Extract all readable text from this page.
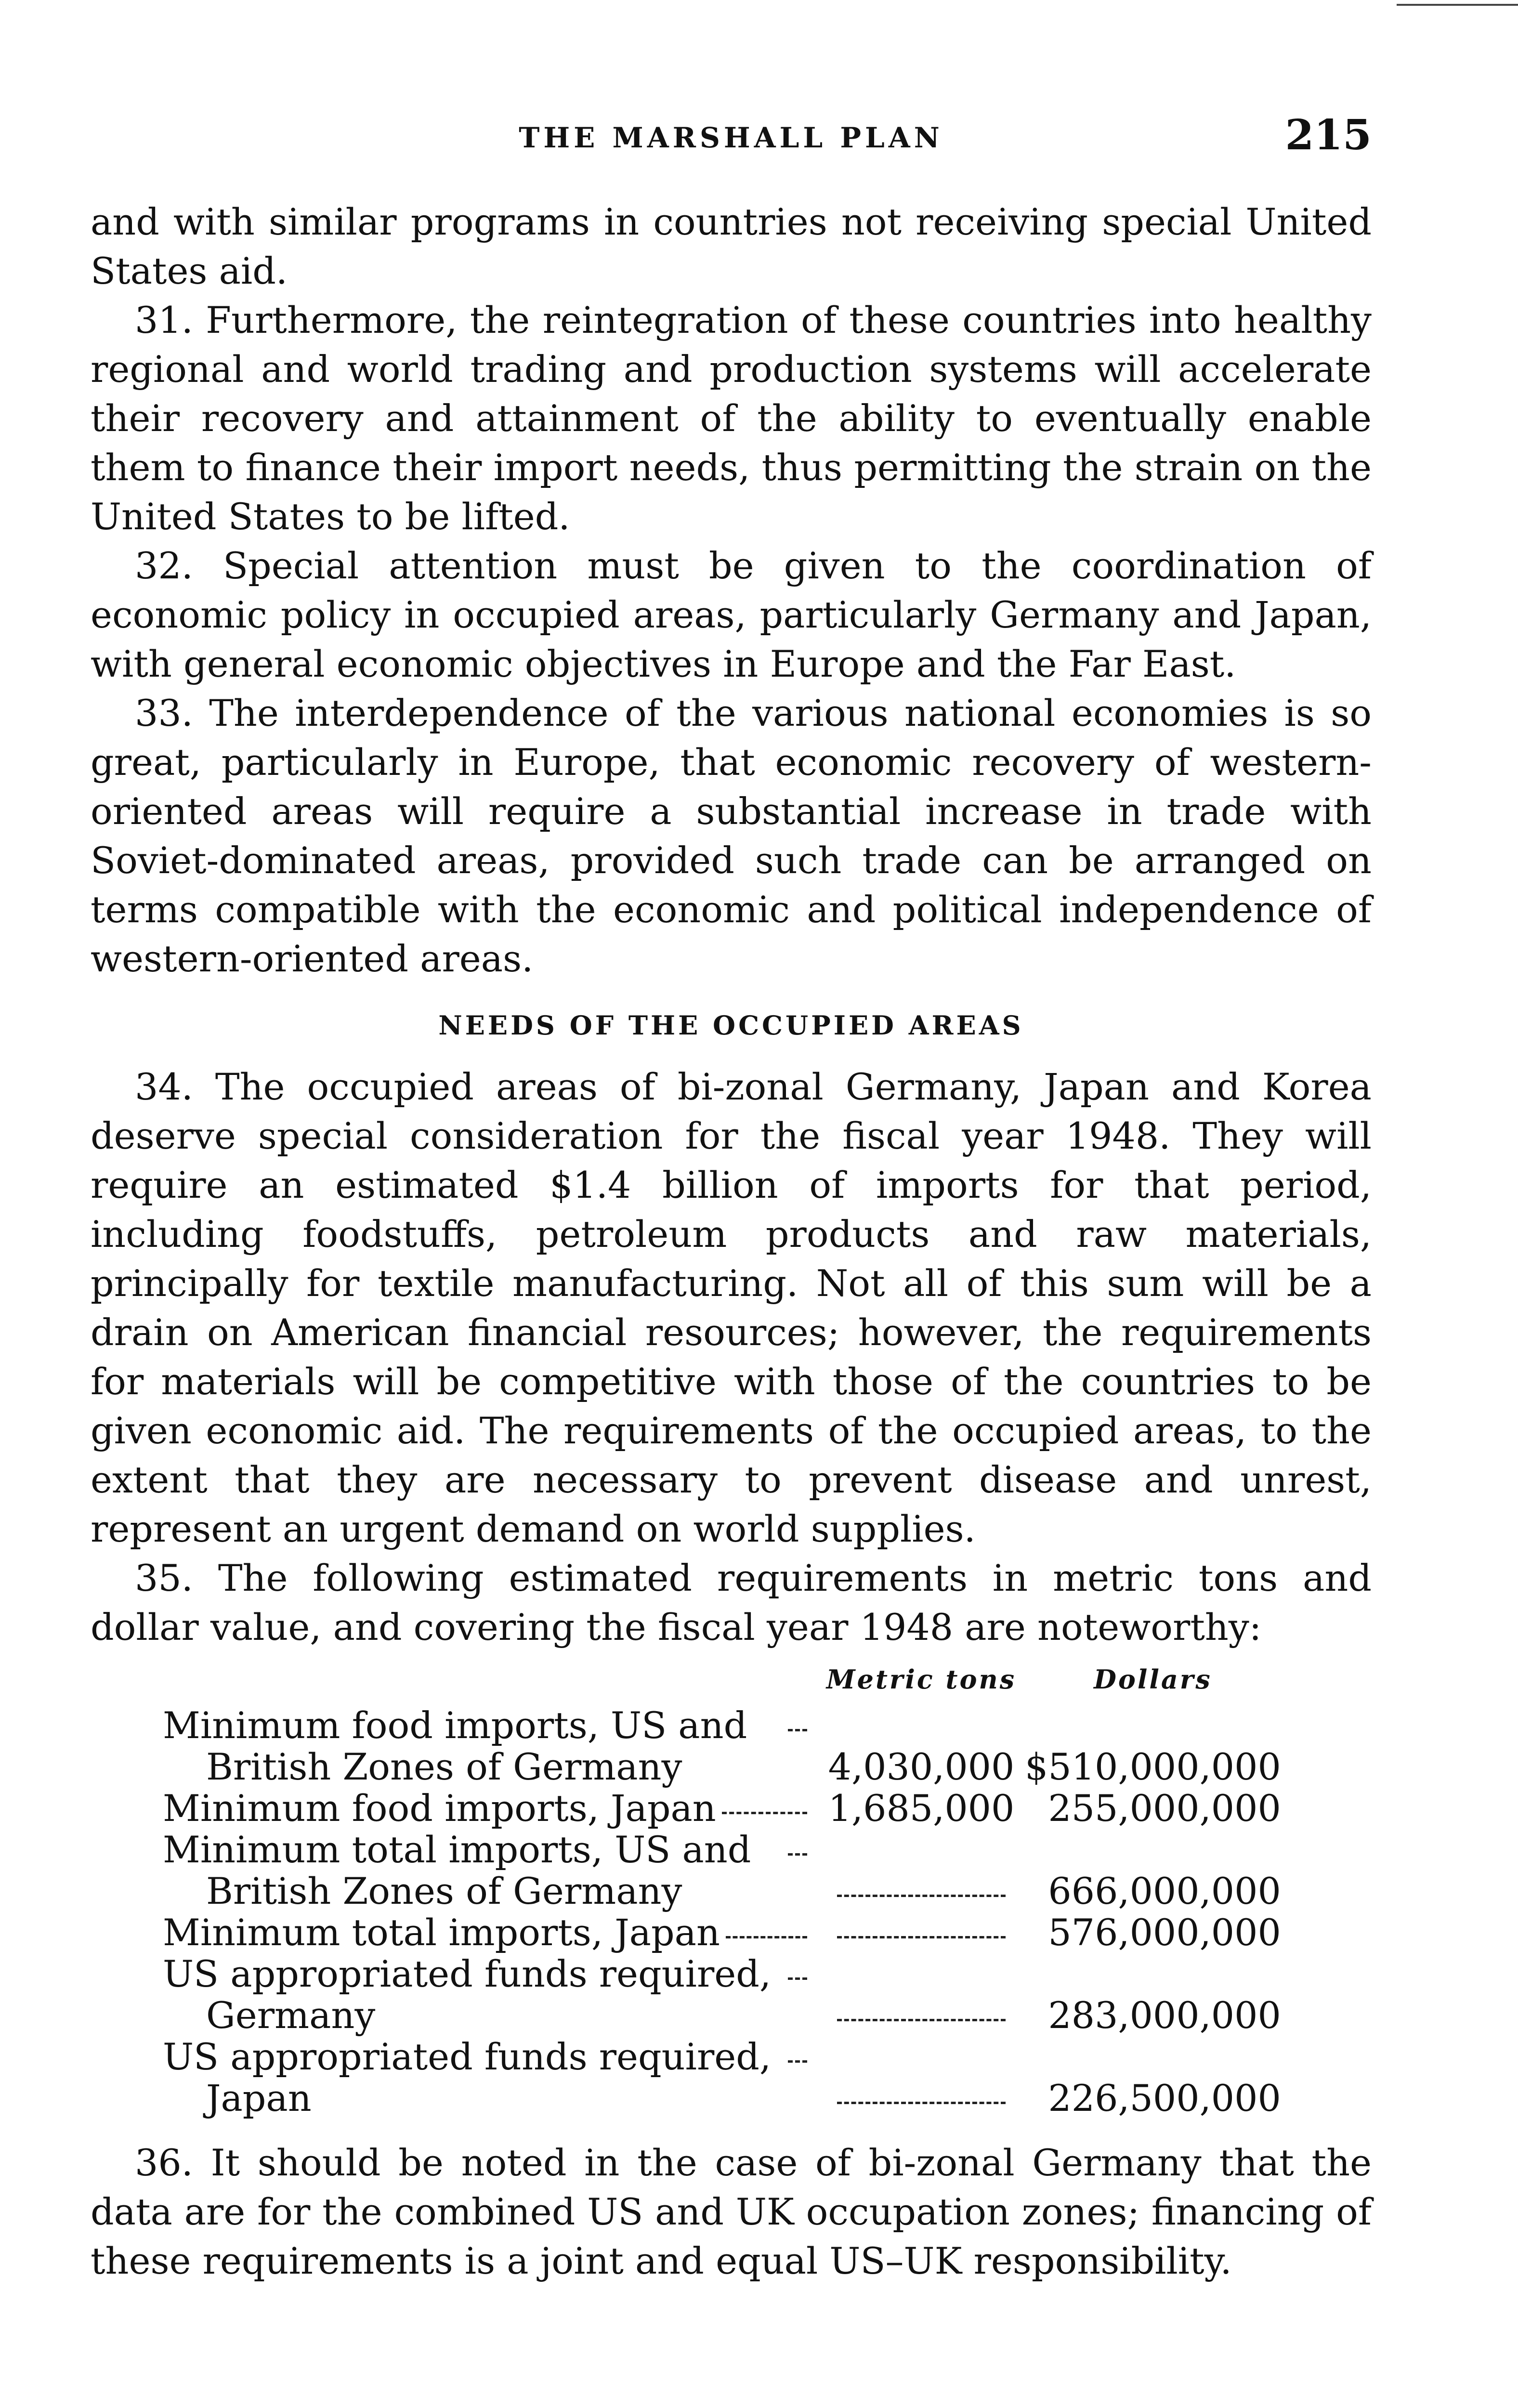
THE MARSHALL PLAN	215

and with similar programs in countries not receiving special United States aid.

31. Furthermore, the reintegration of these countries into healthy regional and world trading and production systems will accelerate their recovery and attainment of the ability to eventually enable them to finance their import needs, thus permitting the strain on the United States to be lifted.

32. Special attention must be given to the coordination of economic policy in occupied areas, particularly Germany and Japan, with general economic objectives in Europe and the Far East.

33. The interdependence of the various national economies is so great, particularly in Europe, that economic recovery of western-oriented areas will require a substantial increase in trade with Soviet-dominated areas, provided such trade can be arranged on terms compatible with the economic and political independence of western-oriented areas.

NEEDS OF THE OCCUPIED AREAS

34. The occupied areas of bi-zonal Germany, Japan and Korea deserve special consideration for the fiscal year 1948. They will require an estimated $1.4 billion of imports for that period, including foodstuffs, petroleum products and raw materials, principally for textile manufacturing. Not all of this sum will be a drain on American financial resources; however, the requirements for materials will be competitive with those of the countries to be given economic aid. The requirements of the occupied areas, to the extent that they are necessary to prevent disease and unrest, represent an urgent demand on world supplies.

35. The following estimated requirements in metric tons and dollar value, and covering the fiscal year 1948 are noteworthy:

	Metric tons	Dollars

Minimum food imports, US and British Zones of Germany	4,030,000	$510,000,000

Minimum food imports, Japan	1,685,000	255,000,000

Minimum total imports, US and British Zones of Germany		666,000,000

Minimum total imports, Japan		576,000,000

US appropriated funds required, Germany		283,000,000

US appropriated funds required, Japan		226,500,000

36. It should be noted in the case of bi-zonal Germany that the data are for the combined US and UK occupation zones; financing of these requirements is a joint and equal US–UK responsibility.
